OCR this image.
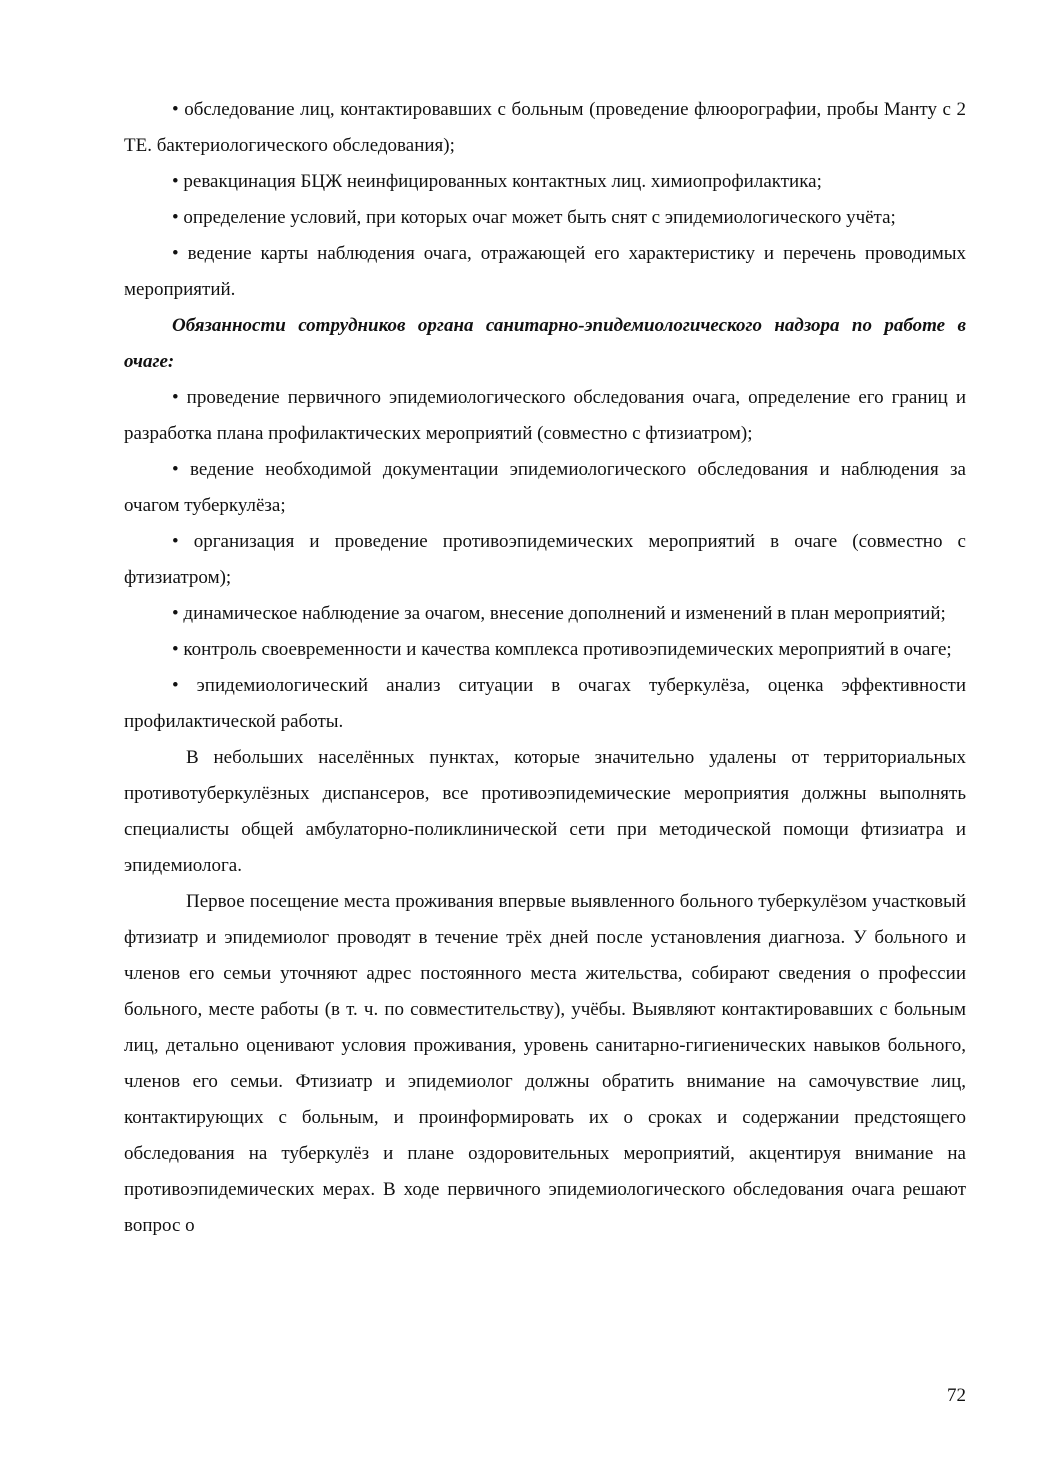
• обследование лиц, контактировавших с больным (проведение флюорографии, пробы Манту с 2 ТЕ. бактериологического обследования);

• ревакцинация БЦЖ неинфицированных контактных лиц. химиопрофилактика;

• определение условий, при которых очаг может быть снят с эпидемиологического учёта;

• ведение карты наблюдения очага, отражающей его характеристику и перечень проводимых мероприятий.

Обязанности сотрудников органа санитарно-эпидемиологического надзора по работе в очаге:

• проведение первичного эпидемиологического обследования очага, определение его границ и разработка плана профилактических мероприятий (совместно с фтизиатром);

• ведение необходимой документации эпидемиологического обследования и наблюдения за очагом туберкулёза;

• организация и проведение противоэпидемических мероприятий в очаге (совместно с фтизиатром);

• динамическое наблюдение за очагом, внесение дополнений и изменений в план мероприятий;

• контроль своевременности и качества комплекса противоэпидемических мероприятий в очаге;

• эпидемиологический анализ ситуации в очагах туберкулёза, оценка эффективности профилактической работы.

В небольших населённых пунктах, которые значительно удалены от территориальных противотуберкулёзных диспансеров, все противоэпидемические мероприятия должны выполнять специалисты общей амбулаторно-поликлинической сети при методической помощи фтизиатра и эпидемиолога.

Первое посещение места проживания впервые выявленного больного туберкулёзом участковый фтизиатр и эпидемиолог проводят в течение трёх дней после установления диагноза. У больного и членов его семьи уточняют адрес постоянного места жительства, собирают сведения о профессии больного, месте работы (в т. ч. по совместительству), учёбы. Выявляют контактировавших с больным лиц, детально оценивают условия проживания, уровень санитарно-гигиенических навыков больного, членов его семьи. Фтизиатр и эпидемиолог должны обратить внимание на самочувствие лиц, контактирующих с больным, и проинформировать их о сроках и содержании предстоящего обследования на туберкулёз и плане оздоровительных мероприятий, акцентируя внимание на противоэпидемических мерах. В ходе первичного эпидемиологического обследования очага решают вопрос о

72
